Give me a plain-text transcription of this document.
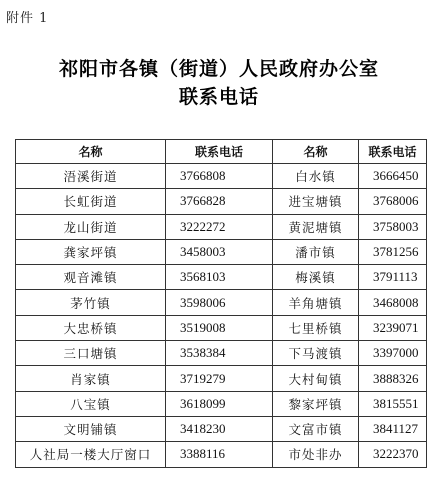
附件 1
祁阳市各镇（街道）人民政府办公室
联系电话
名称	联系电话	名称	联系电话
浯溪街道	3766808	白水镇	3666450
长虹街道	3766828	进宝塘镇	3768006
龙山街道	3222272	黄泥塘镇	3758003
龚家坪镇	3458003	潘市镇	3781256
观音滩镇	3568103	梅溪镇	3791113
茅竹镇	3598006	羊角塘镇	3468008
大忠桥镇	3519008	七里桥镇	3239071
三口塘镇	3538384	下马渡镇	3397000
肖家镇	3719279	大村甸镇	3888326
八宝镇	3618099	黎家坪镇	3815551
文明铺镇	3418230	文富市镇	3841127
人社局一楼大厅窗口	3388116	市处非办	3222370
